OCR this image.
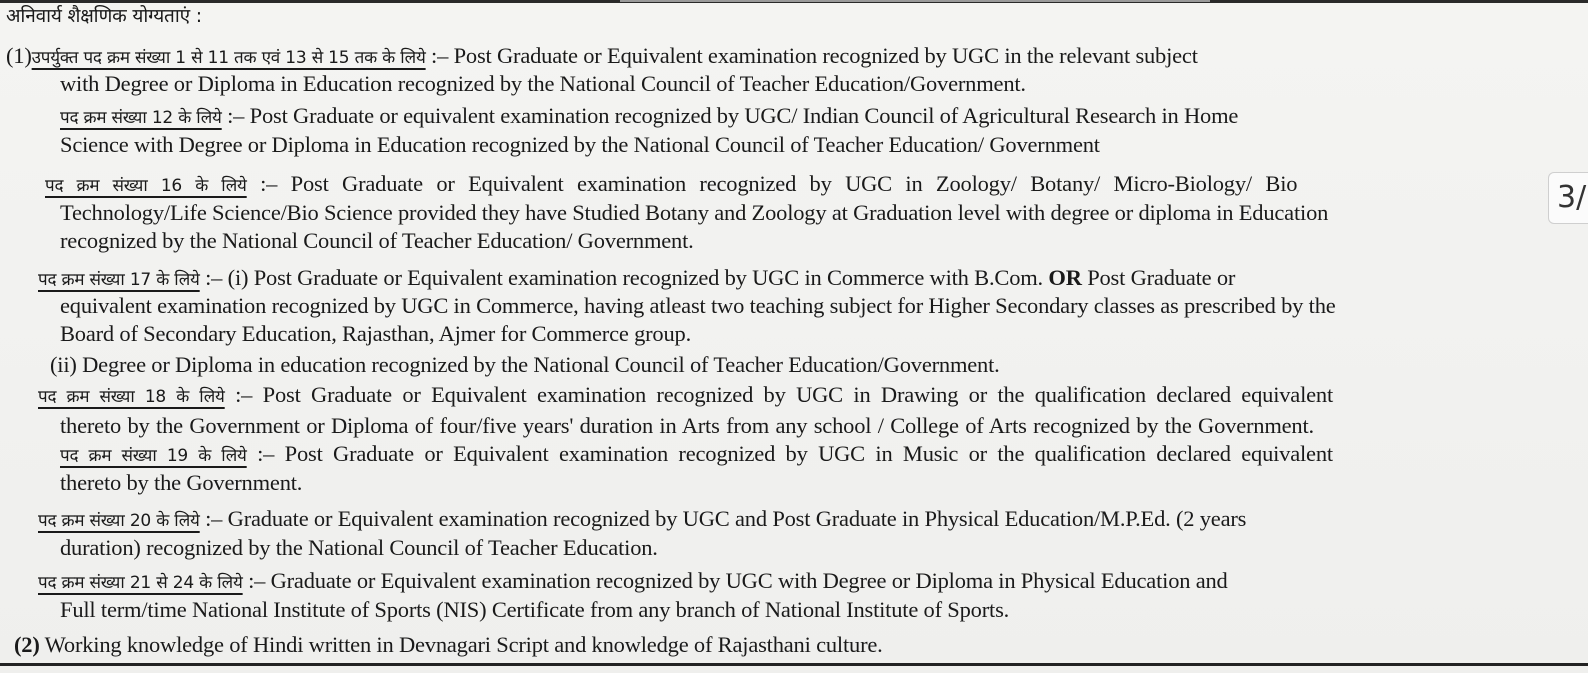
अनिवार्य शैक्षणिक योग्यताएं :
(1)उपर्युक्त पद क्रम संख्या 1 से 11 तक एवं 13 से 15 तक के लिये :– Post Graduate or Equivalent examination recognized by UGC in the relevant subject
with Degree or Diploma in Education recognized by the National Council of Teacher Education/Government.
पद क्रम संख्या 12 के लिये :– Post Graduate or equivalent examination recognized by UGC/ Indian Council of Agricultural Research in Home
Science with Degree or Diploma in Education recognized by the National Council of Teacher Education/ Government
पद क्रम संख्या 16 के लिये :– Post Graduate or Equivalent examination recognized by UGC in Zoology/ Botany/ Micro-Biology/ Bio
Technology/Life Science/Bio Science provided they have Studied Botany and Zoology at Graduation level with degree or diploma in Education
recognized by the National Council of Teacher Education/ Government.
पद क्रम संख्या 17 के लिये :– (i) Post Graduate or Equivalent examination recognized by UGC in Commerce with B.Com. OR Post Graduate or
equivalent examination recognized by UGC in Commerce, having atleast two teaching subject for Higher Secondary classes as prescribed by the
Board of Secondary Education, Rajasthan, Ajmer for Commerce group.
(ii) Degree or Diploma in education recognized by the National Council of Teacher Education/Government.
पद क्रम संख्या 18 के लिये :– Post Graduate or Equivalent examination recognized by UGC in Drawing or the qualification declared equivalent
thereto by the Government or Diploma of four/five years' duration in Arts from any school / College of Arts recognized by the Government.
पद क्रम संख्या 19 के लिये :– Post Graduate or Equivalent examination recognized by UGC in Music or the qualification declared equivalent
thereto by the Government.
पद क्रम संख्या 20 के लिये :– Graduate or Equivalent examination recognized by UGC and Post Graduate in Physical Education/M.P.Ed. (2 years
duration) recognized by the National Council of Teacher Education.
पद क्रम संख्या 21 से 24 के लिये :– Graduate or Equivalent examination recognized by UGC with Degree or Diploma in Physical Education and
Full term/time National Institute of Sports (NIS) Certificate from any branch of National Institute of Sports.
(2) Working knowledge of Hindi written in Devnagari Script and knowledge of Rajasthani culture.
3/
